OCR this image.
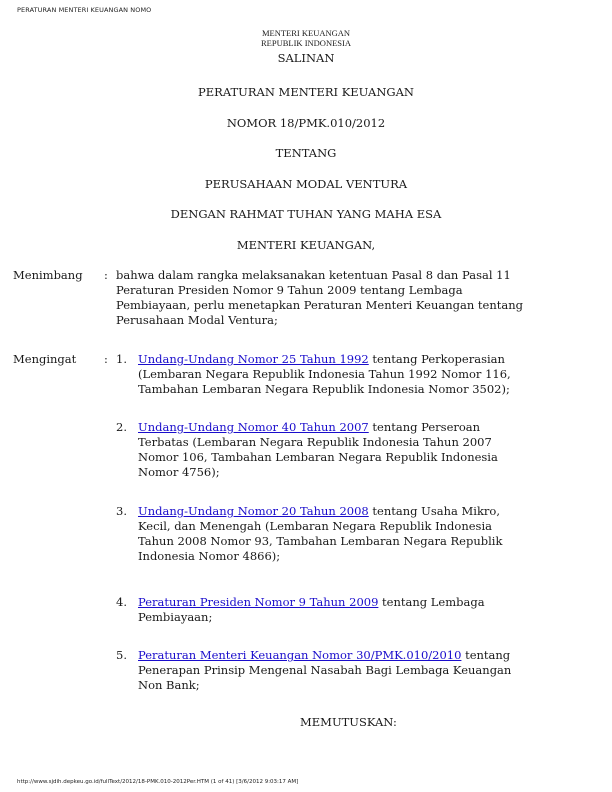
PERATURAN MENTERI KEUANGAN NOMO
MENTERI KEUANGAN
REPUBLIK INDONESIA
SALINAN
PERATURAN MENTERI KEUANGAN
NOMOR 18/PMK.010/2012
TENTANG
PERUSAHAAN MODAL VENTURA
DENGAN RAHMAT TUHAN YANG MAHA ESA
MENTERI KEUANGAN,
Menimbang : bahwa dalam rangka melaksanakan ketentuan Pasal 8 dan Pasal 11
Peraturan Presiden Nomor 9 Tahun 2009 tentang Lembaga
Pembiayaan, perlu menetapkan Peraturan Menteri Keuangan tentang
Perusahaan Modal Ventura;
Mengingat : 1. Undang-Undang Nomor 25 Tahun 1992 tentang Perkoperasian
(Lembaran Negara Republik Indonesia Tahun 1992 Nomor 116,
Tambahan Lembaran Negara Republik Indonesia Nomor 3502);
2. Undang-Undang Nomor 40 Tahun 2007 tentang Perseroan
Terbatas (Lembaran Negara Republik Indonesia Tahun 2007
Nomor 106, Tambahan Lembaran Negara Republik Indonesia
Nomor 4756);
3. Undang-Undang Nomor 20 Tahun 2008 tentang Usaha Mikro,
Kecil, dan Menengah (Lembaran Negara Republik Indonesia
Tahun 2008 Nomor 93, Tambahan Lembaran Negara Republik
Indonesia Nomor 4866);
4. Peraturan Presiden Nomor 9 Tahun 2009 tentang Lembaga
Pembiayaan;
5. Peraturan Menteri Keuangan Nomor 30/PMK.010/2010 tentang
Penerapan Prinsip Mengenal Nasabah Bagi Lembaga Keuangan
Non Bank;
MEMUTUSKAN:
http://www.sjdih.depkeu.go.id/fullText/2012/18-PMK.010-2012Per.HTM (1 of 41) [3/6/2012 9:03:17 AM]
